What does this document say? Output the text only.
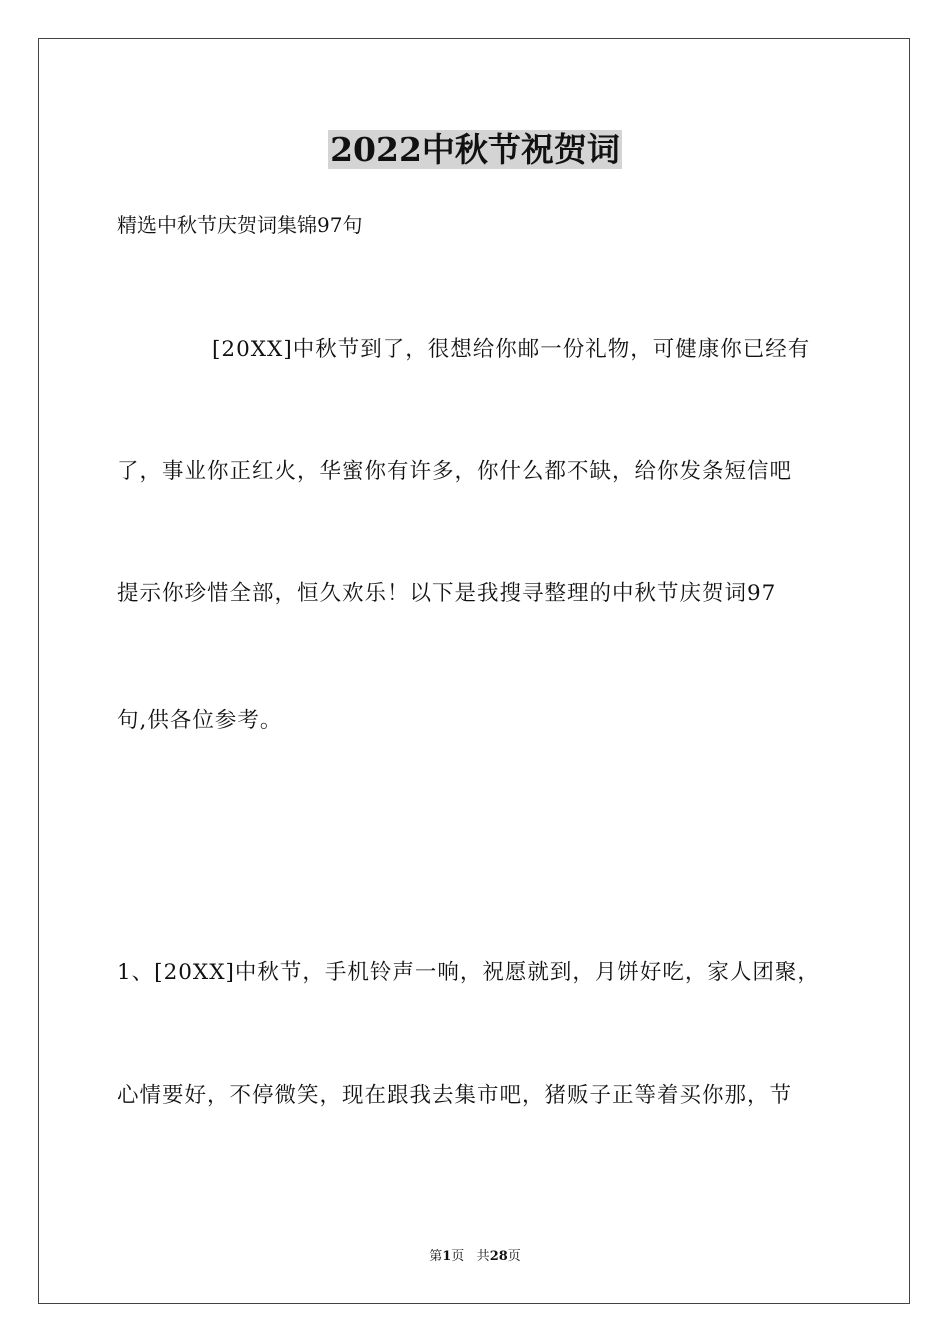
2022中秋节祝贺词
精选中秋节庆贺词集锦97句
[20XX]中秋节到了，很想给你邮一份礼物，可健康你已经有
了，事业你正红火，华蜜你有许多，你什么都不缺，给你发条短信吧
提示你珍惜全部，恒久欢乐！以下是我搜寻整理的中秋节庆贺词97
句,供各位参考。
1、[20XX]中秋节，手机铃声一响，祝愿就到，月饼好吃，家人团聚，
心情要好，不停微笑，现在跟我去集市吧，猪贩子正等着买你那，节
第1页 共28页
